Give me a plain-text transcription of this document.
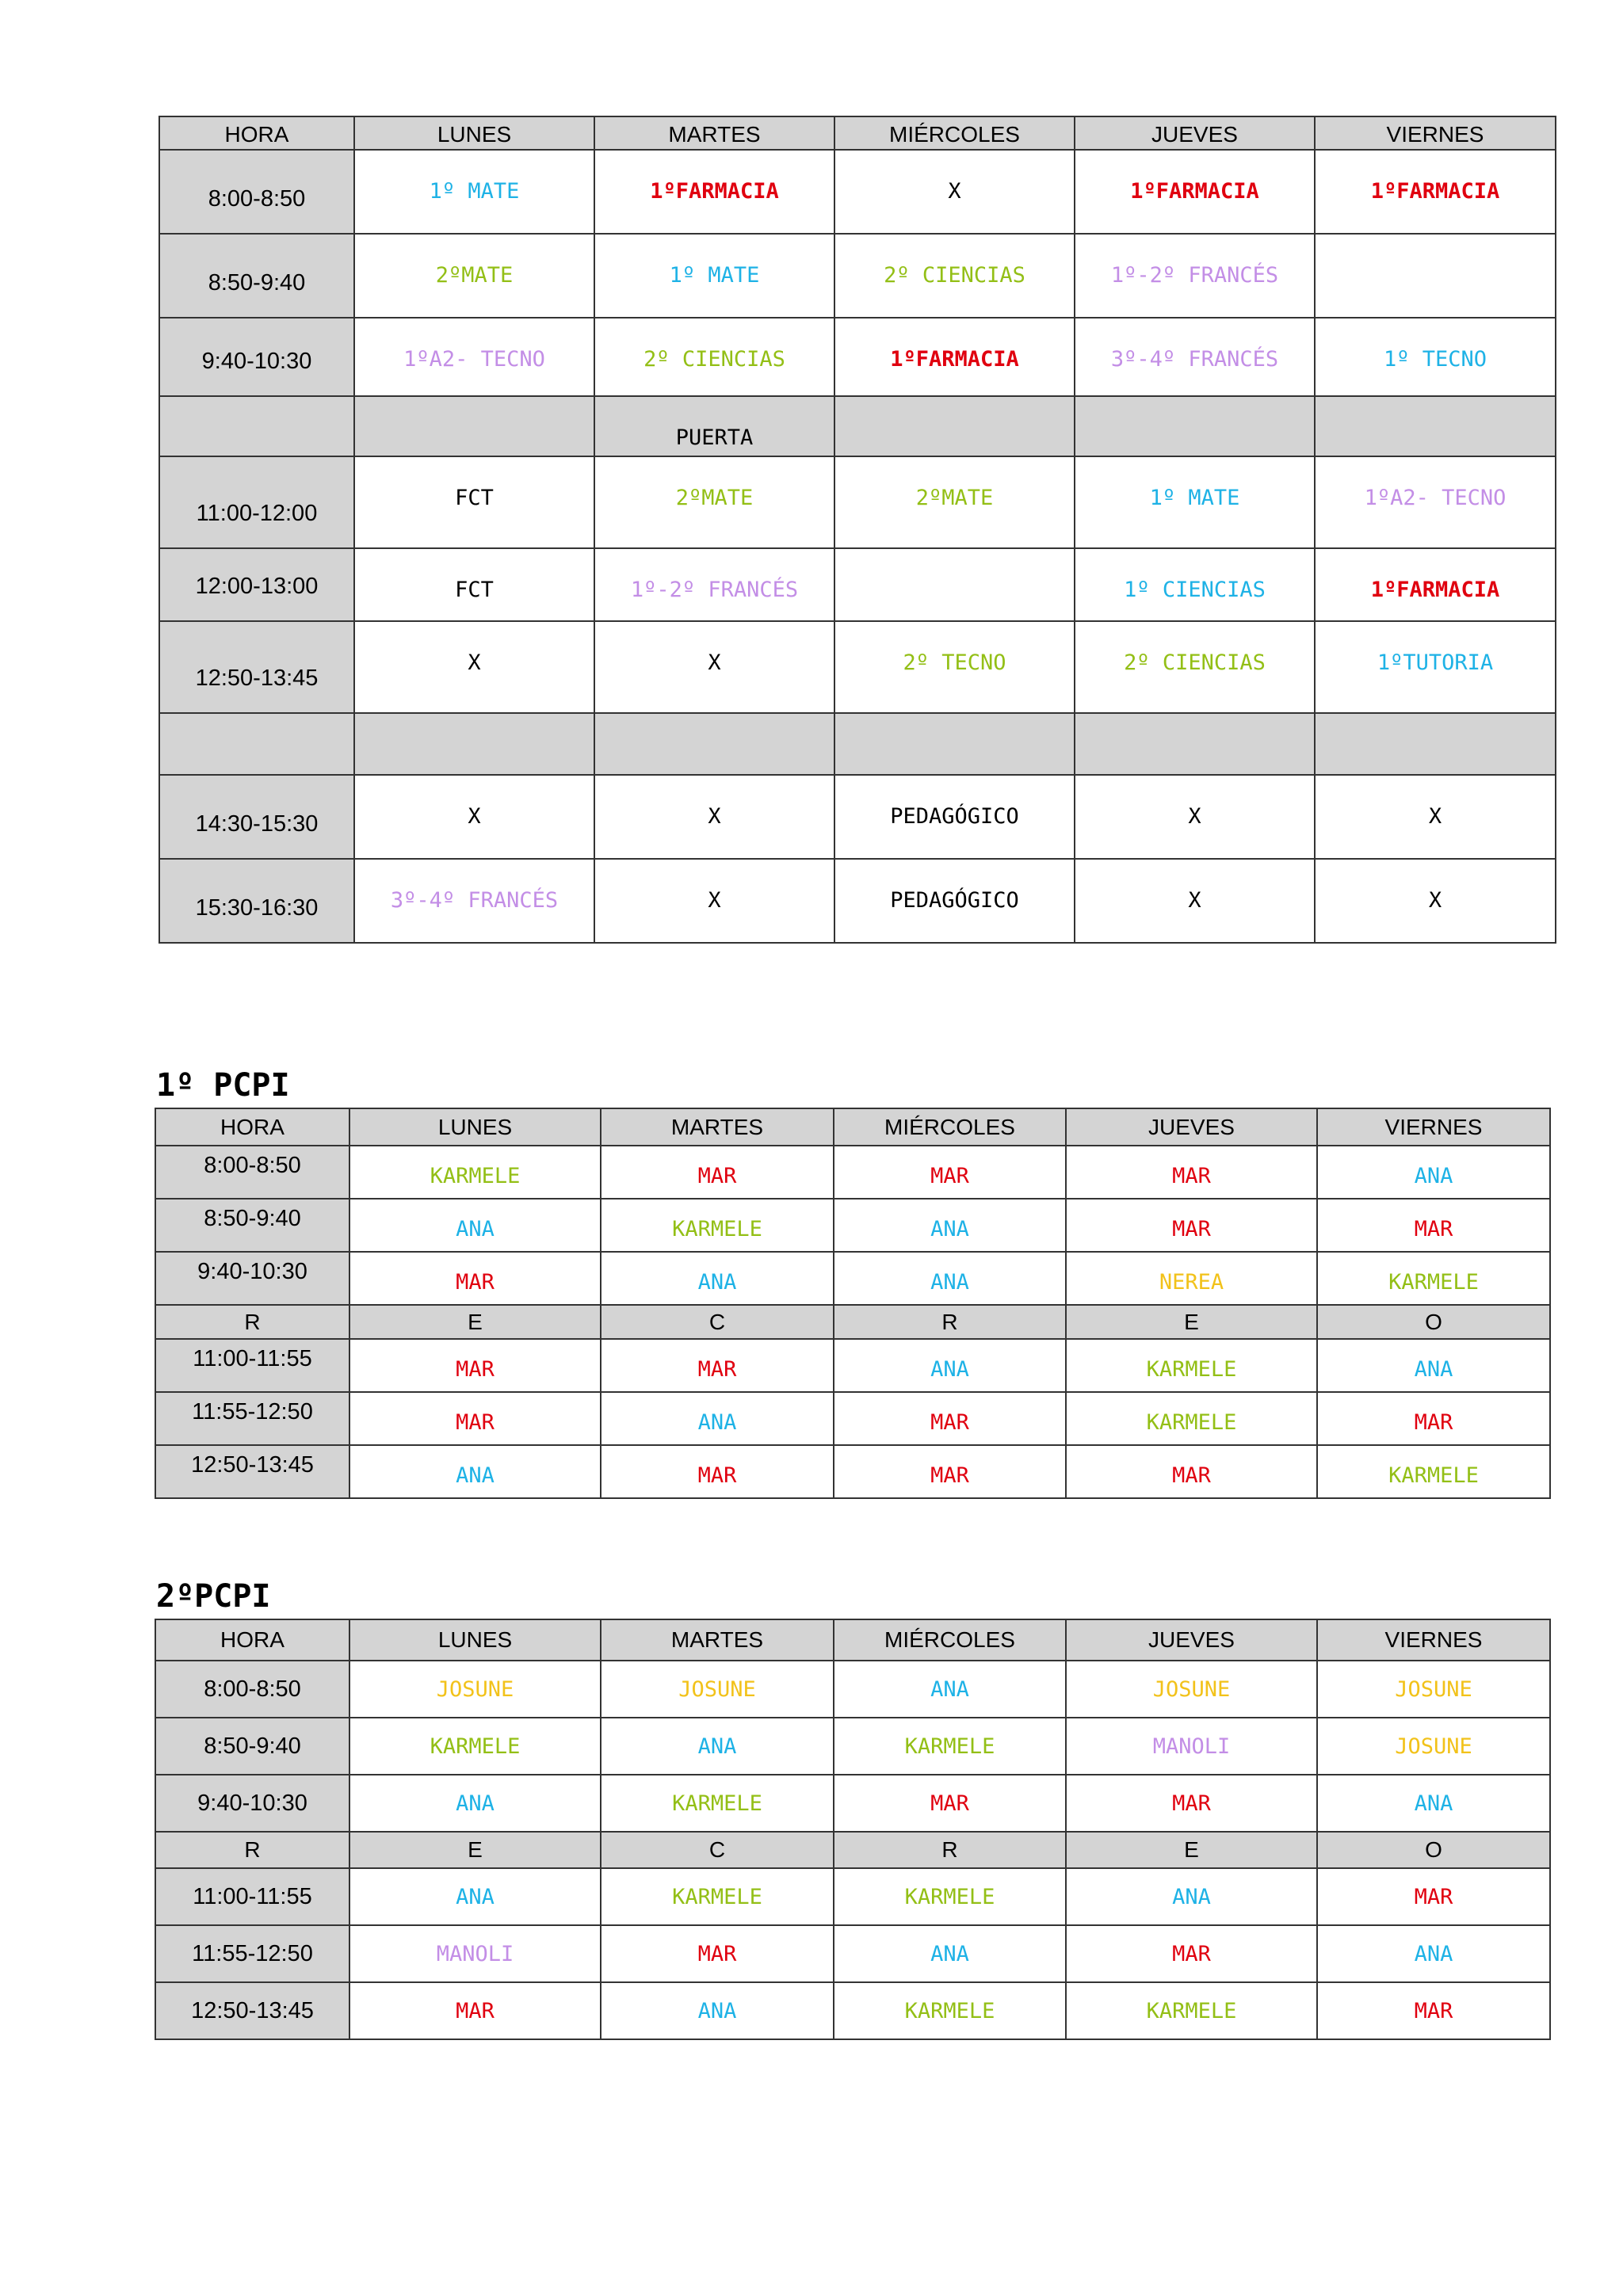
HORA	LUNES	MARTES	MIÉRCOLES	JUEVES	VIERNES
8:00-8:50	1º MATE	1ºFARMACIA	X	1ºFARMACIA	1ºFARMACIA
8:50-9:40	2ºMATE	1º MATE	2º CIENCIAS	1º-2º FRANCÉS	
9:40-10:30	1ºA2- TECNO	2º CIENCIAS	1ºFARMACIA	3º-4º FRANCÉS	1º TECNO
		PUERTA			
11:00-12:00	FCT	2ºMATE	2ºMATE	1º MATE	1ºA2- TECNO
12:00-13:00	FCT	1º-2º FRANCÉS		1º CIENCIAS	1ºFARMACIA
12:50-13:45	X	X	2º TECNO	2º CIENCIAS	1ºTUTORIA

14:30-15:30	X	X	PEDAGÓGICO	X	X
15:30-16:30	3º-4º FRANCÉS	X	PEDAGÓGICO	X	X
1º PCPI
HORA	LUNES	MARTES	MIÉRCOLES	JUEVES	VIERNES
8:00-8:50	KARMELE	MAR	MAR	MAR	ANA
8:50-9:40	ANA	KARMELE	ANA	MAR	MAR
9:40-10:30	MAR	ANA	ANA	NEREA	KARMELE
R	E	C	R	E	O
11:00-11:55	MAR	MAR	ANA	KARMELE	ANA
11:55-12:50	MAR	ANA	MAR	KARMELE	MAR
12:50-13:45	ANA	MAR	MAR	MAR	KARMELE
2ºPCPI
HORA	LUNES	MARTES	MIÉRCOLES	JUEVES	VIERNES
8:00-8:50	JOSUNE	JOSUNE	ANA	JOSUNE	JOSUNE
8:50-9:40	KARMELE	ANA	KARMELE	MANOLI	JOSUNE
9:40-10:30	ANA	KARMELE	MAR	MAR	ANA
R	E	C	R	E	O
11:00-11:55	ANA	KARMELE	KARMELE	ANA	MAR
11:55-12:50	MANOLI	MAR	ANA	MAR	ANA
12:50-13:45	MAR	ANA	KARMELE	KARMELE	MAR
